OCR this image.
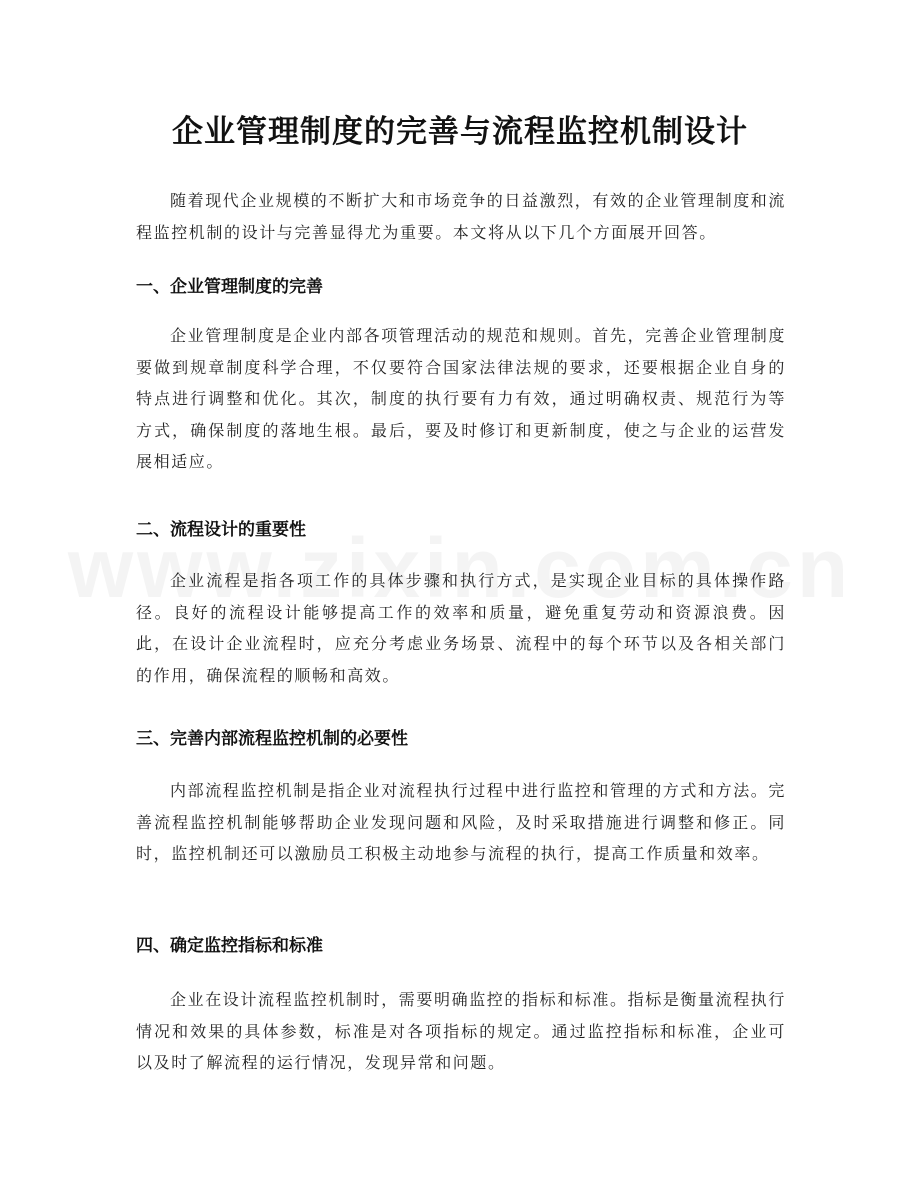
企业管理制度的完善与流程监控机制设计

随着现代企业规模的不断扩大和市场竞争的日益激烈，有效的企业管理制度和流程监控机制的设计与完善显得尤为重要。本文将从以下几个方面展开回答。

一、企业管理制度的完善

企业管理制度是企业内部各项管理活动的规范和规则。首先，完善企业管理制度要做到规章制度科学合理，不仅要符合国家法律法规的要求，还要根据企业自身的特点进行调整和优化。其次，制度的执行要有力有效，通过明确权责、规范行为等方式，确保制度的落地生根。最后，要及时修订和更新制度，使之与企业的运营发展相适应。

二、流程设计的重要性

企业流程是指各项工作的具体步骤和执行方式，是实现企业目标的具体操作路径。良好的流程设计能够提高工作的效率和质量，避免重复劳动和资源浪费。因此，在设计企业流程时，应充分考虑业务场景、流程中的每个环节以及各相关部门的作用，确保流程的顺畅和高效。

三、完善内部流程监控机制的必要性

内部流程监控机制是指企业对流程执行过程中进行监控和管理的方式和方法。完善流程监控机制能够帮助企业发现问题和风险，及时采取措施进行调整和修正。同时，监控机制还可以激励员工积极主动地参与流程的执行，提高工作质量和效率。

四、确定监控指标和标准

企业在设计流程监控机制时，需要明确监控的指标和标准。指标是衡量流程执行情况和效果的具体参数，标准是对各项指标的规定。通过监控指标和标准，企业可以及时了解流程的运行情况，发现异常和问题。
